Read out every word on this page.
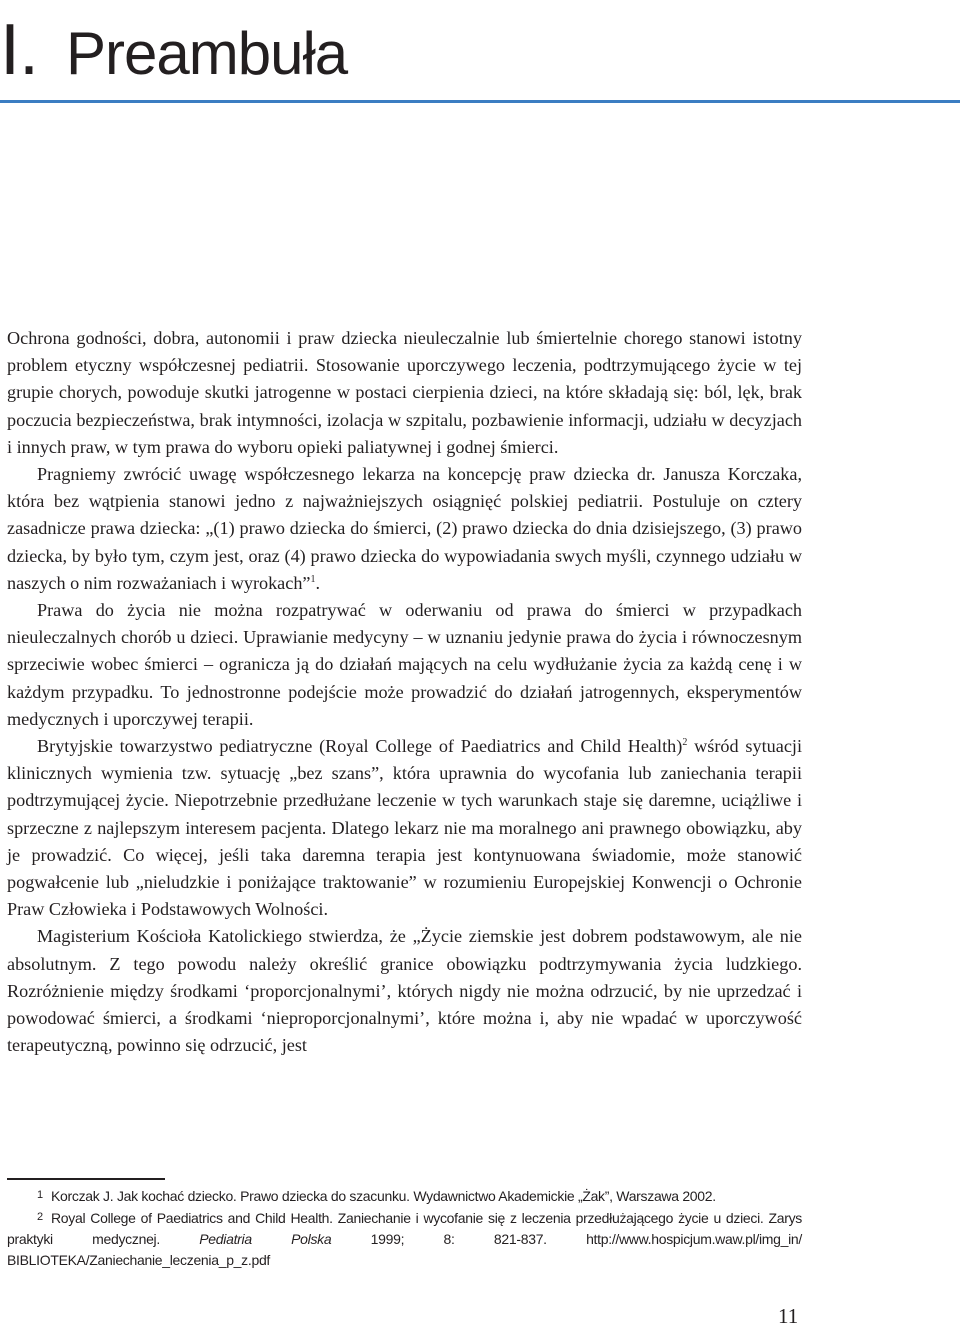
I. Preambuła

Ochrona godności, dobra, autonomii i praw dziecka nieuleczalnie lub śmiertelnie chorego stanowi istotny problem etyczny współczesnej pediatrii. Stosowanie uporczywego leczenia, podtrzymującego życie w tej grupie chorych, powoduje skutki jatrogenne w postaci cierpienia dzieci, na które składają się: ból, lęk, brak poczucia bezpieczeństwa, brak intymności, izolacja w szpitalu, pozbawienie informacji, udziału w decyzjach i innych praw, w tym prawa do wyboru opieki paliatywnej i godnej śmierci.

Pragniemy zwrócić uwagę współczesnego lekarza na koncepcję praw dziecka dr. Janusza Korczaka, która bez wątpienia stanowi jedno z najważniejszych osiągnięć polskiej pediatrii. Postuluje on cztery zasadnicze prawa dziecka: „(1) prawo dziecka do śmierci, (2) prawo dziecka do dnia dzisiejszego, (3) prawo dziecka, by było tym, czym jest, oraz (4) prawo dziecka do wypowiadania swych myśli, czynnego udziału w naszych o nim rozważaniach i wyrokach”$^1$.

Prawa do życia nie można rozpatrywać w oderwaniu od prawa do śmierci w przypadkach nieuleczalnych chorób u dzieci. Uprawianie medycyny – w uznaniu jedynie prawa do życia i równoczesnym sprzeciwie wobec śmierci – ogranicza ją do działań mających na celu wydłużanie życia za każdą cenę i w każdym przypadku. To jednostronne podejście może prowadzić do działań jatrogennych, eksperymentów medycznych i uporczywej terapii.

Brytyjskie towarzystwo pediatryczne (Royal College of Paediatrics and Child Health)$^2$ wśród sytuacji klinicznych wymienia tzw. sytuację „bez szans”, która uprawnia do wycofania lub zaniechania terapii podtrzymującej życie. Niepotrzebnie przedłużane leczenie w tych warunkach staje się daremne, uciążliwe i sprzeczne z najlepszym interesem pacjenta. Dlatego lekarz nie ma moralnego ani prawnego obowiązku, aby je prowadzić. Co więcej, jeśli taka daremna terapia jest kontynuowana świadomie, może stanowić pogwałcenie lub „nieludzkie i poniżające traktowanie” w rozumieniu Europejskiej Konwencji o Ochronie Praw Człowieka i Podstawowych Wolności.

Magisterium Kościoła Katolickiego stwierdza, że „Życie ziemskie jest dobrem podstawowym, ale nie absolutnym. Z tego powodu należy określić granice obowiązku podtrzymywania życia ludzkiego. Rozróżnienie między środkami ‘proporcjonalnymi’, których nigdy nie można odrzucić, by nie uprzedzać i powodować śmierci, a środkami ‘nieproporcjonalnymi’, które można i, aby nie wpadać w uporczywość terapeutyczną, powinno się odrzucić, jest

1 Korczak J. Jak kochać dziecko. Prawo dziecka do szacunku. Wydawnictwo Akademickie „Żak”, Warszawa 2002.

2 Royal College of Paediatrics and Child Health. Zaniechanie i wycofanie się z leczenia przedłużającego życie u dzieci. Zarys praktyki medycznej. Pediatria Polska 1999; 8: 821-837. http://www.hospicjum.waw.pl/img_in/ BIBLIOTEKA/Zaniechanie_leczenia_p_z.pdf

11
